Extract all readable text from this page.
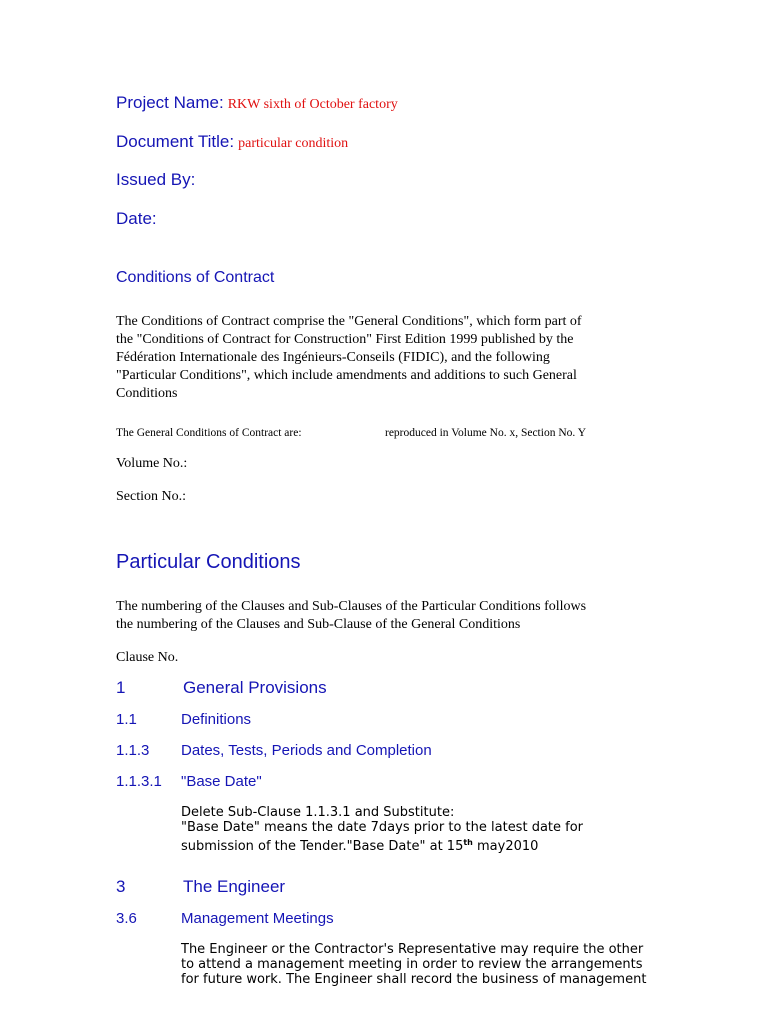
Project Name: RKW sixth of October factory
Document Title: particular condition
Issued By:
Date:
Conditions of Contract
The Conditions of Contract comprise the "General Conditions", which form part of
the "Conditions of Contract for Construction" First Edition 1999 published by the
Fédération Internationale des Ingénieurs-Conseils (FIDIC), and the following
"Particular Conditions", which include amendments and additions to such General
Conditions
The General Conditions of Contract are:	reproduced in Volume No. x, Section No. Y
Volume No.:
Section No.:
Particular Conditions
The numbering of the Clauses and Sub-Clauses of the Particular Conditions follows
the numbering of the Clauses and Sub-Clause of the General Conditions
Clause No.
1	General Provisions
1.1	Definitions
1.1.3 Dates, Tests, Periods and Completion
1.1.3.1 "Base Date"
Delete Sub-Clause 1.1.3.1 and Substitute:
"Base Date" means the date 7days prior to the latest date for
submission of the Tender."Base Date" at 15th may2010
3	The Engineer
3.6	Management Meetings
The Engineer or the Contractor's Representative may require the other
to attend a management meeting in order to review the arrangements
for future work. The Engineer shall record the business of management
